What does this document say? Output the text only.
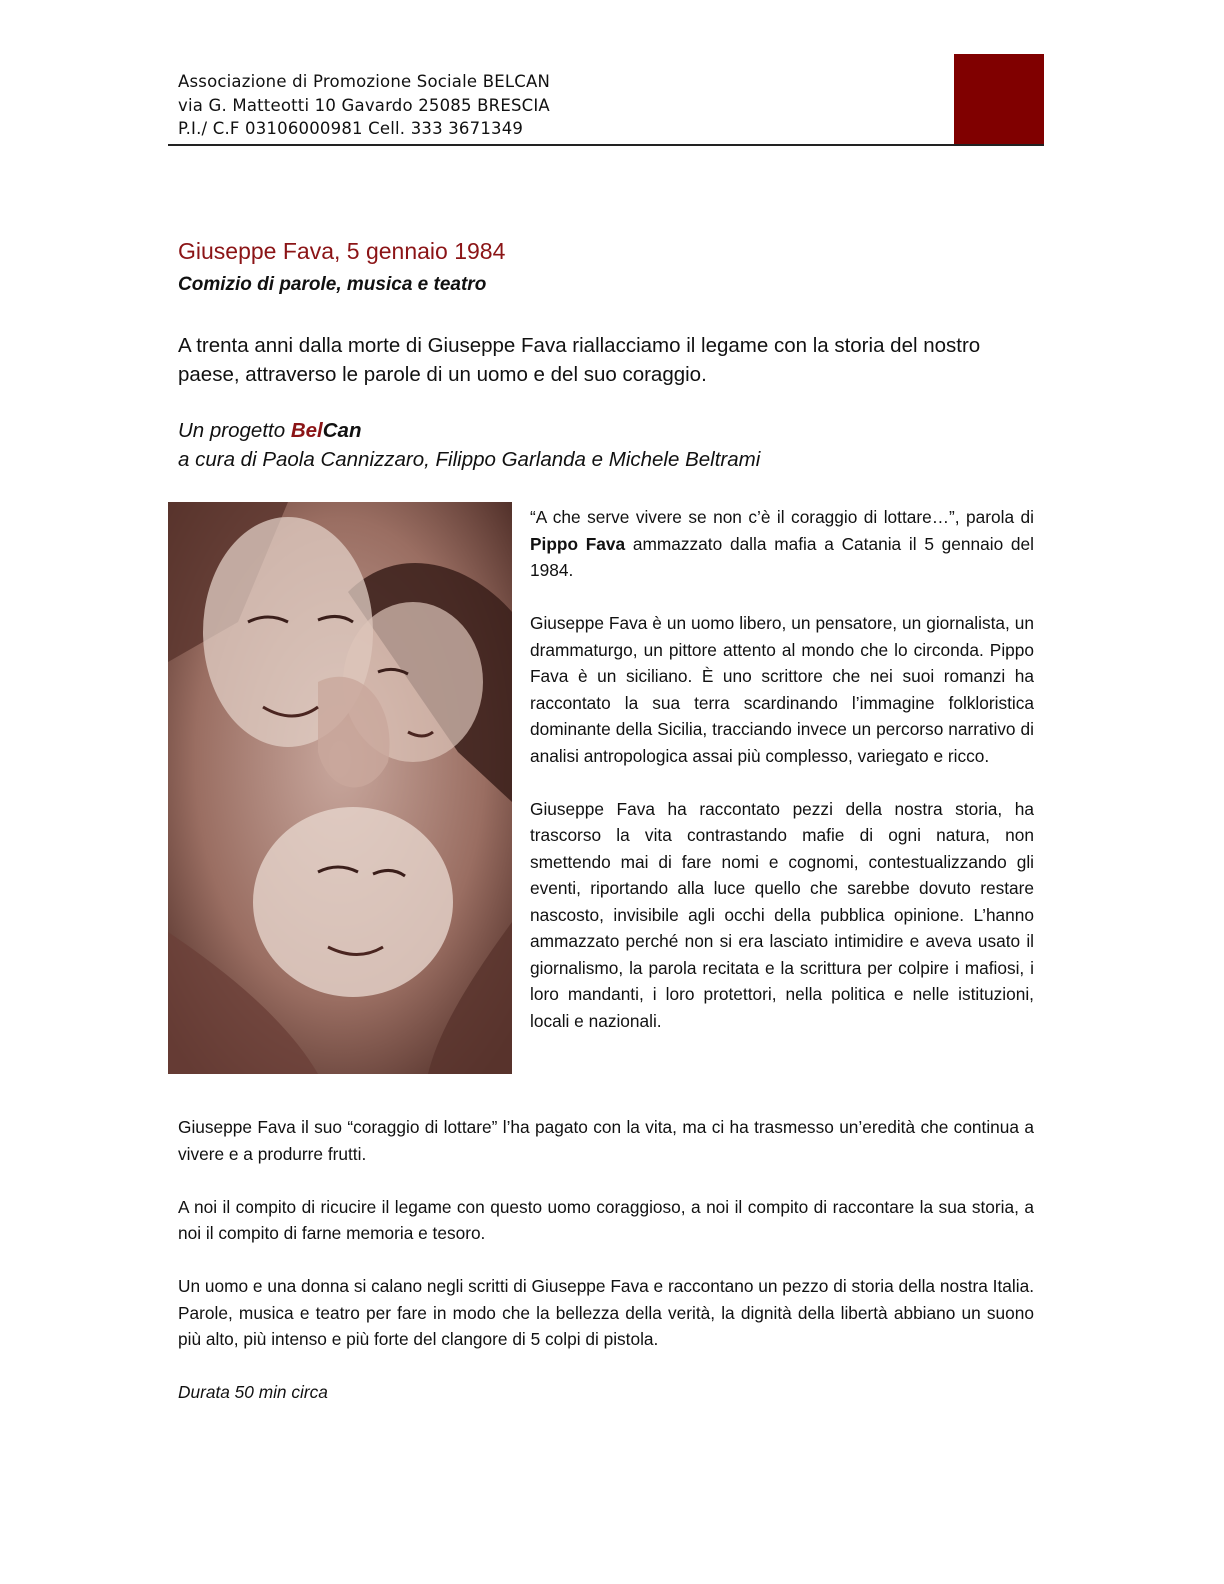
Associazione di Promozione Sociale BELCAN
via G. Matteotti 10 Gavardo 25085 BRESCIA
P.I./ C.F 03106000981 Cell. 333 3671349
Giuseppe Fava, 5 gennaio 1984
Comizio di parole, musica e teatro
A trenta anni dalla morte di Giuseppe Fava riallacciamo il legame con la storia del nostro paese, attraverso le parole di un uomo e del suo coraggio.
Un progetto BelCan
a cura di Paola Cannizzaro, Filippo Garlanda e Michele Beltrami

“A che serve vivere se non c’è il coraggio di lottare…”, parola di Pippo Fava ammazzato dalla mafia a Catania il 5 gennaio del 1984.

Giuseppe Fava è un uomo libero, un pensatore, un giornalista, un drammaturgo, un pittore attento al mondo che lo circonda. Pippo Fava è un siciliano. È uno scrittore che nei suoi romanzi ha raccontato la sua terra scardinando l’immagine folkloristica dominante della Sicilia, tracciando invece un percorso narrativo di analisi antropologica assai più complesso, variegato e ricco.

Giuseppe Fava ha raccontato pezzi della nostra storia, ha trascorso la vita contrastando mafie di ogni natura, non smettendo mai di fare nomi e cognomi, contestualizzando gli eventi, riportando alla luce quello che sarebbe dovuto restare nascosto, invisibile agli occhi della pubblica opinione. L’hanno ammazzato perché non si era lasciato intimidire e aveva usato il giornalismo, la parola recitata e la scrittura per colpire i mafiosi, i loro mandanti, i loro protettori, nella politica e nelle istituzioni, locali e nazionali.

Giuseppe Fava il suo “coraggio di lottare” l’ha pagato con la vita, ma ci ha trasmesso un’eredità che continua a vivere e a produrre frutti.

A noi il compito di ricucire il legame con questo uomo coraggioso, a noi il compito di raccontare la sua storia, a noi il compito di farne memoria e tesoro.

Un uomo e una donna si calano negli scritti di Giuseppe Fava e raccontano un pezzo di storia della nostra Italia. Parole, musica e teatro per fare in modo che la bellezza della verità, la dignità della libertà abbiano un suono più alto, più intenso e più forte del clangore di 5 colpi di pistola.

Durata 50 min circa
